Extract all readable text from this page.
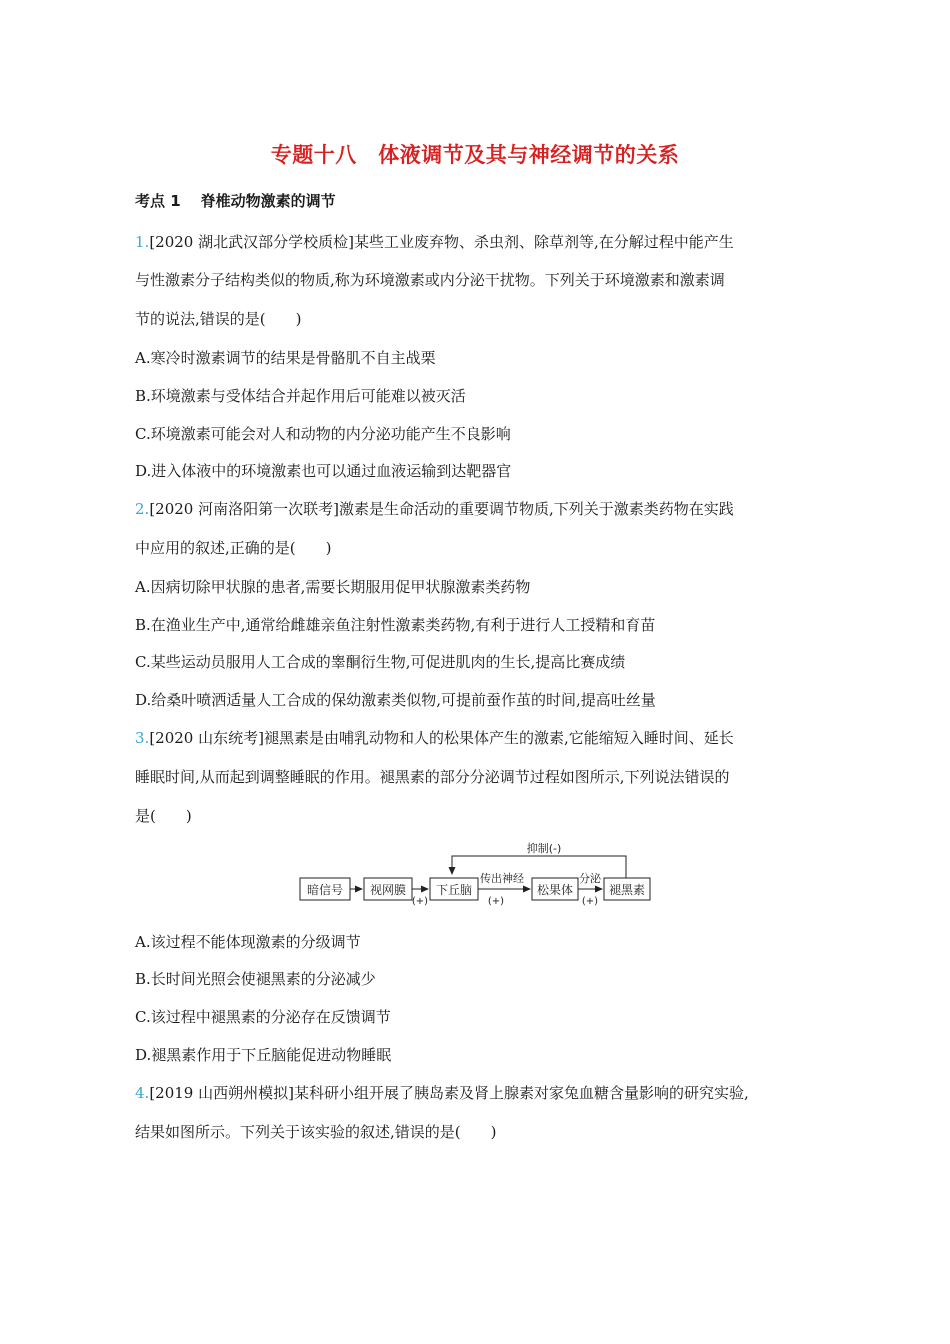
专题十八　体液调节及其与神经调节的关系
考点 1 脊椎动物激素的调节
1.[2020 湖北武汉部分学校质检]某些工业废弃物、杀虫剂、除草剂等,在分解过程中能产生
与性激素分子结构类似的物质,称为环境激素或内分泌干扰物。下列关于环境激素和激素调
节的说法,错误的是(　　)
A.寒冷时激素调节的结果是骨骼肌不自主战栗
B.环境激素与受体结合并起作用后可能难以被灭活
C.环境激素可能会对人和动物的内分泌功能产生不良影响
D.进入体液中的环境激素也可以通过血液运输到达靶器官
2.[2020 河南洛阳第一次联考]激素是生命活动的重要调节物质,下列关于激素类药物在实践
中应用的叙述,正确的是(　　)
A.因病切除甲状腺的患者,需要长期服用促甲状腺激素类药物
B.在渔业生产中,通常给雌雄亲鱼注射性激素类药物,有利于进行人工授精和育苗
C.某些运动员服用人工合成的睾酮衍生物,可促进肌肉的生长,提高比赛成绩
D.给桑叶喷洒适量人工合成的保幼激素类似物,可提前蚕作茧的时间,提高吐丝量
3.[2020 山东统考]褪黑素是由哺乳动物和人的松果体产生的激素,它能缩短入睡时间、延长
睡眠时间,从而起到调整睡眠的作用。褪黑素的部分分泌调节过程如图所示,下列说法错误的
是(　　)
抑制(-)
暗信号 视网膜 下丘脑	松果体	褪黑素
传出神经	分泌
(+)	(+)	(+)
A.该过程不能体现激素的分级调节
B.长时间光照会使褪黑素的分泌减少
C.该过程中褪黑素的分泌存在反馈调节
D.褪黑素作用于下丘脑能促进动物睡眠
4.[2019 山西朔州模拟]某科研小组开展了胰岛素及肾上腺素对家兔血糖含量影响的研究实验,
结果如图所示。下列关于该实验的叙述,错误的是(　　)
